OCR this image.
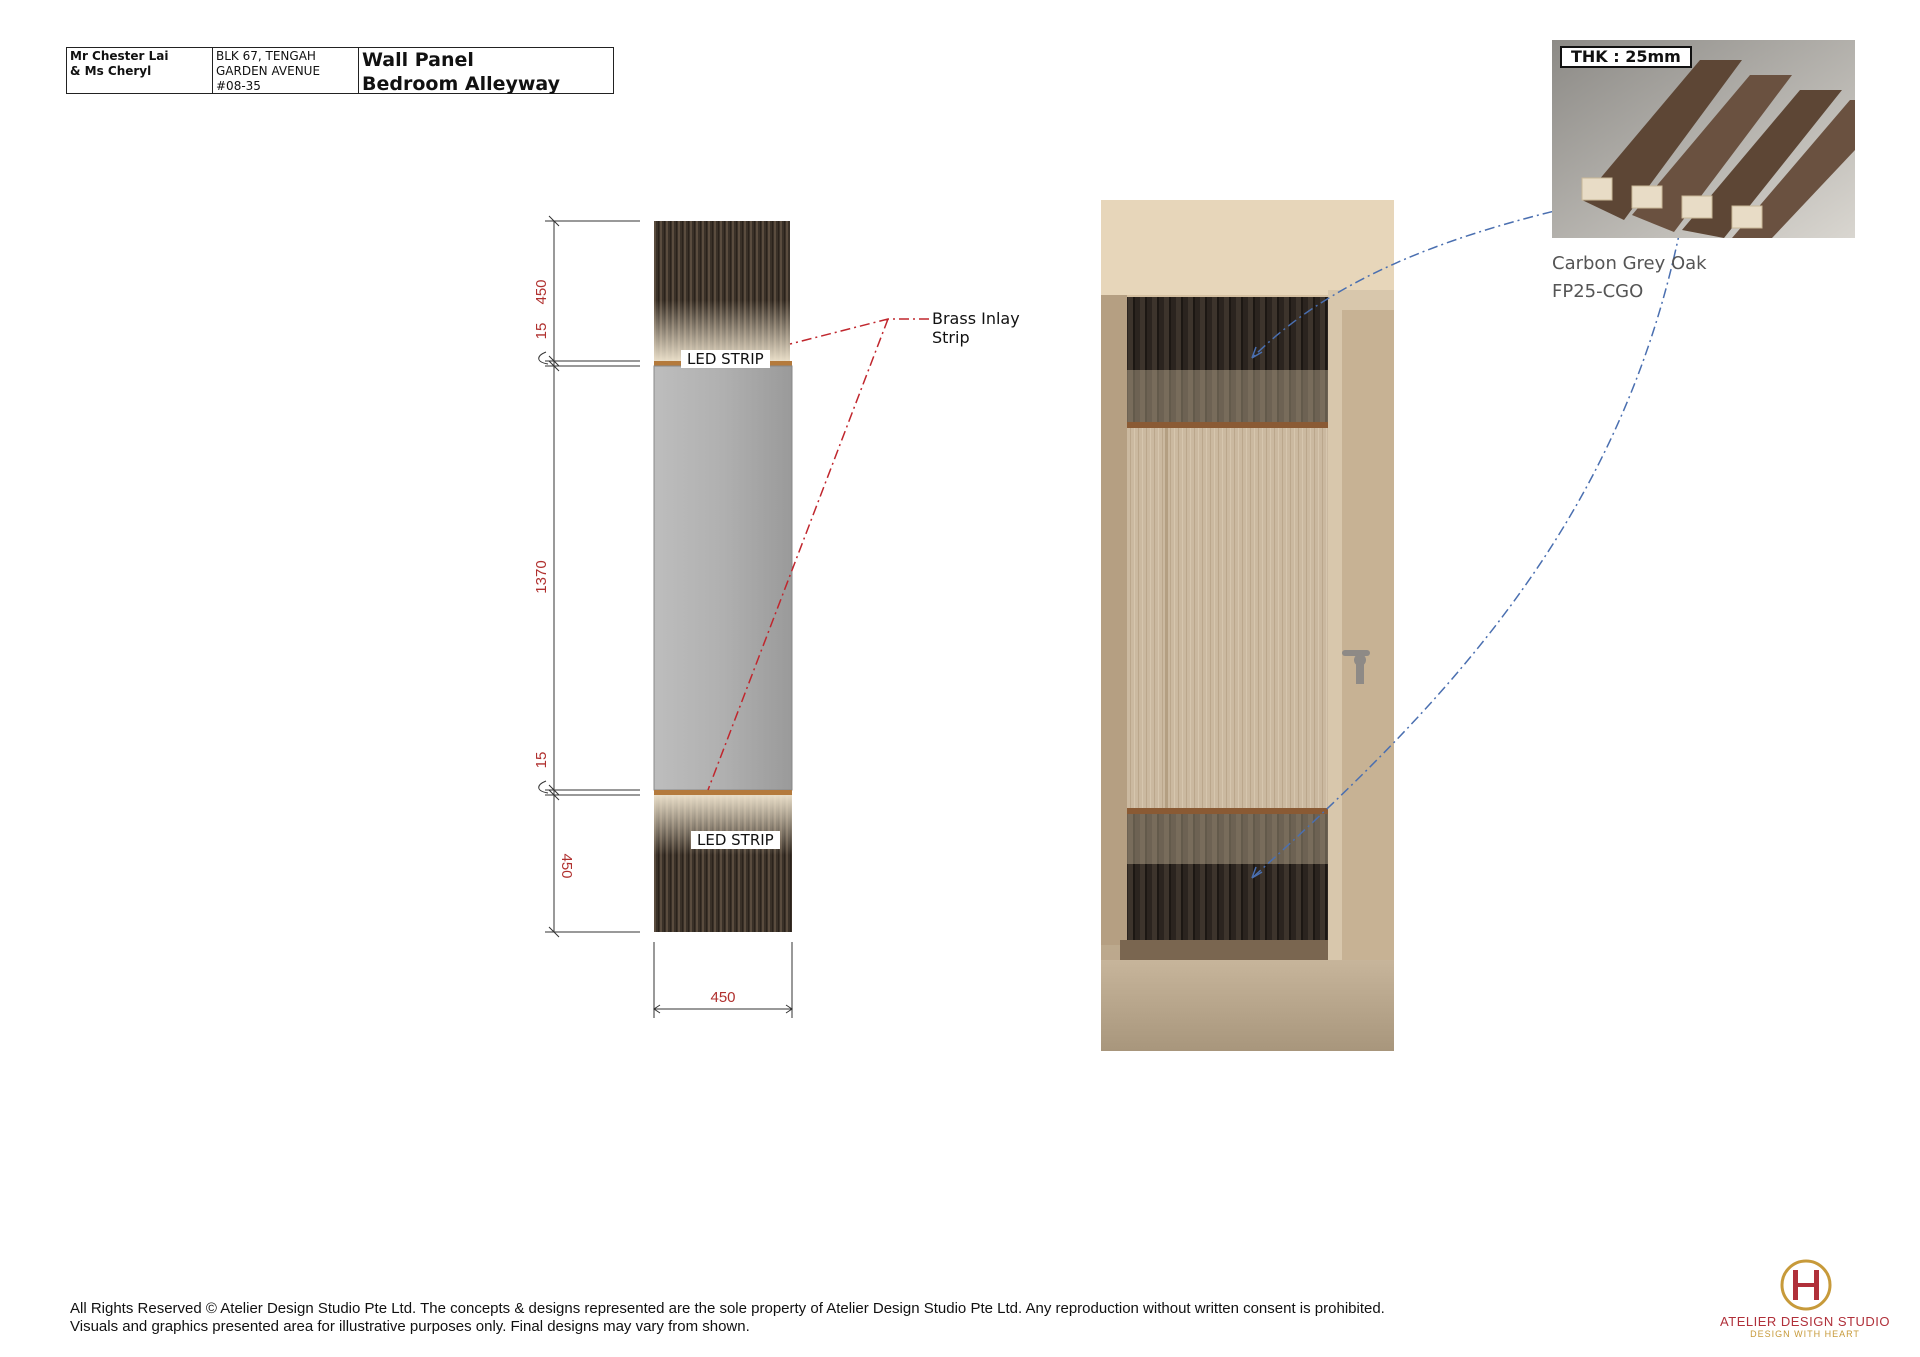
Mr Chester Lai
& Ms Cheryl
BLK 67, TENGAH
GARDEN AVENUE
#08-35
Wall Panel
Bedroom Alleyway
450
15
1370
15
450
450
LED STRIP
LED STRIP
Brass Inlay
Strip
THK : 25mm
Carbon Grey Oak
FP25-CGO
All Rights Reserved © Atelier Design Studio Pte Ltd. The concepts & designs represented are the sole property of Atelier Design Studio Pte Ltd. Any reproduction without written consent is prohibited.
Visuals and graphics presented area for illustrative purposes only. Final designs may vary from shown.	ATELIER DESIGN STUDIO
DESIGN WITH HEART
